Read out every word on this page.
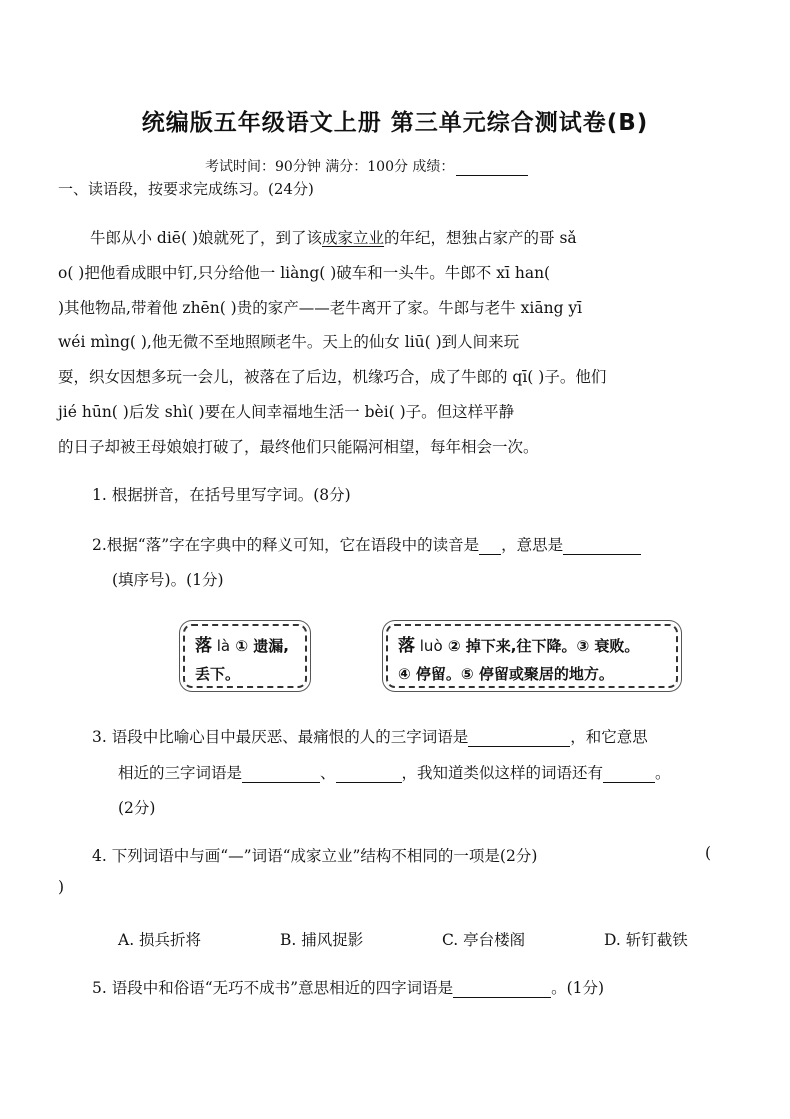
统编版五年级语文上册 第三单元综合测试卷(B)
考试时间：90分钟 满分：100分 成绩：
一、读语段，按要求完成练习。(24分)
牛郎从小 diē( )娘就死了，到了该成家立业的年纪，想独占家产的哥 sǎ
o( )把他看成眼中钉,只分给他一 liàng( )破车和一头牛。牛郎不 xī han(
)其他物品,带着他 zhēn( )贵的家产——老牛离开了家。牛郎与老牛 xiāng yī
wéi mìng( ),他无微不至地照顾老牛。天上的仙女 liū( )到人间来玩
耍，织女因想多玩一会儿，被落在了后边，机缘巧合，成了牛郎的 qī( )子。他们
jié hūn( )后发 shì( )要在人间幸福地生活一 bèi( )子。但这样平静
的日子却被王母娘娘打破了，最终他们只能隔河相望，每年相会一次。
1. 根据拼音，在括号里写字词。(8分)
2.根据“落”字在字典中的释义可知，它在语段中的读音是 ，意思是
(填序号)。(1分)
落 là ① 遗漏,
丢下。
落 luò ② 掉下来,往下降。③ 衰败。
④ 停留。⑤ 停留或聚居的地方。
3. 语段中比喻心目中最厌恶、最痛恨的人的三字词语是	，和它意思
相近的三字词语是	、	，我知道类似这样的词语还有	。
(2分)
4. 下列词语中与画“—”词语“成家立业”结构不相同的一项是(2分)	(
)
A. 损兵折将	B. 捕风捉影	C. 亭台楼阁	D. 斩钉截铁
5. 语段中和俗语“无巧不成书”意思相近的四字词语是	。(1分)
